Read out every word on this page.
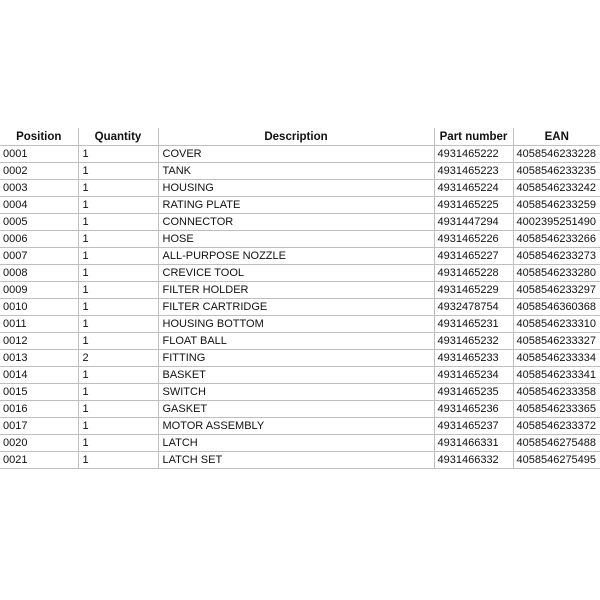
Position	Quantity	Description	Part number	EAN
0001	1	COVER	4931465222	4058546233228
0002	1	TANK	4931465223	4058546233235
0003	1	HOUSING	4931465224	4058546233242
0004	1	RATING PLATE	4931465225	4058546233259
0005	1	CONNECTOR	4931447294	4002395251490
0006	1	HOSE	4931465226	4058546233266
0007	1	ALL-PURPOSE NOZZLE	4931465227	4058546233273
0008	1	CREVICE TOOL	4931465228	4058546233280
0009	1	FILTER HOLDER	4931465229	4058546233297
0010	1	FILTER CARTRIDGE	4932478754	4058546360368
0011	1	HOUSING BOTTOM	4931465231	4058546233310
0012	1	FLOAT BALL	4931465232	4058546233327
0013	2	FITTING	4931465233	4058546233334
0014	1	BASKET	4931465234	4058546233341
0015	1	SWITCH	4931465235	4058546233358
0016	1	GASKET	4931465236	4058546233365
0017	1	MOTOR ASSEMBLY	4931465237	4058546233372
0020	1	LATCH	4931466331	4058546275488
0021	1	LATCH SET	4931466332	4058546275495
